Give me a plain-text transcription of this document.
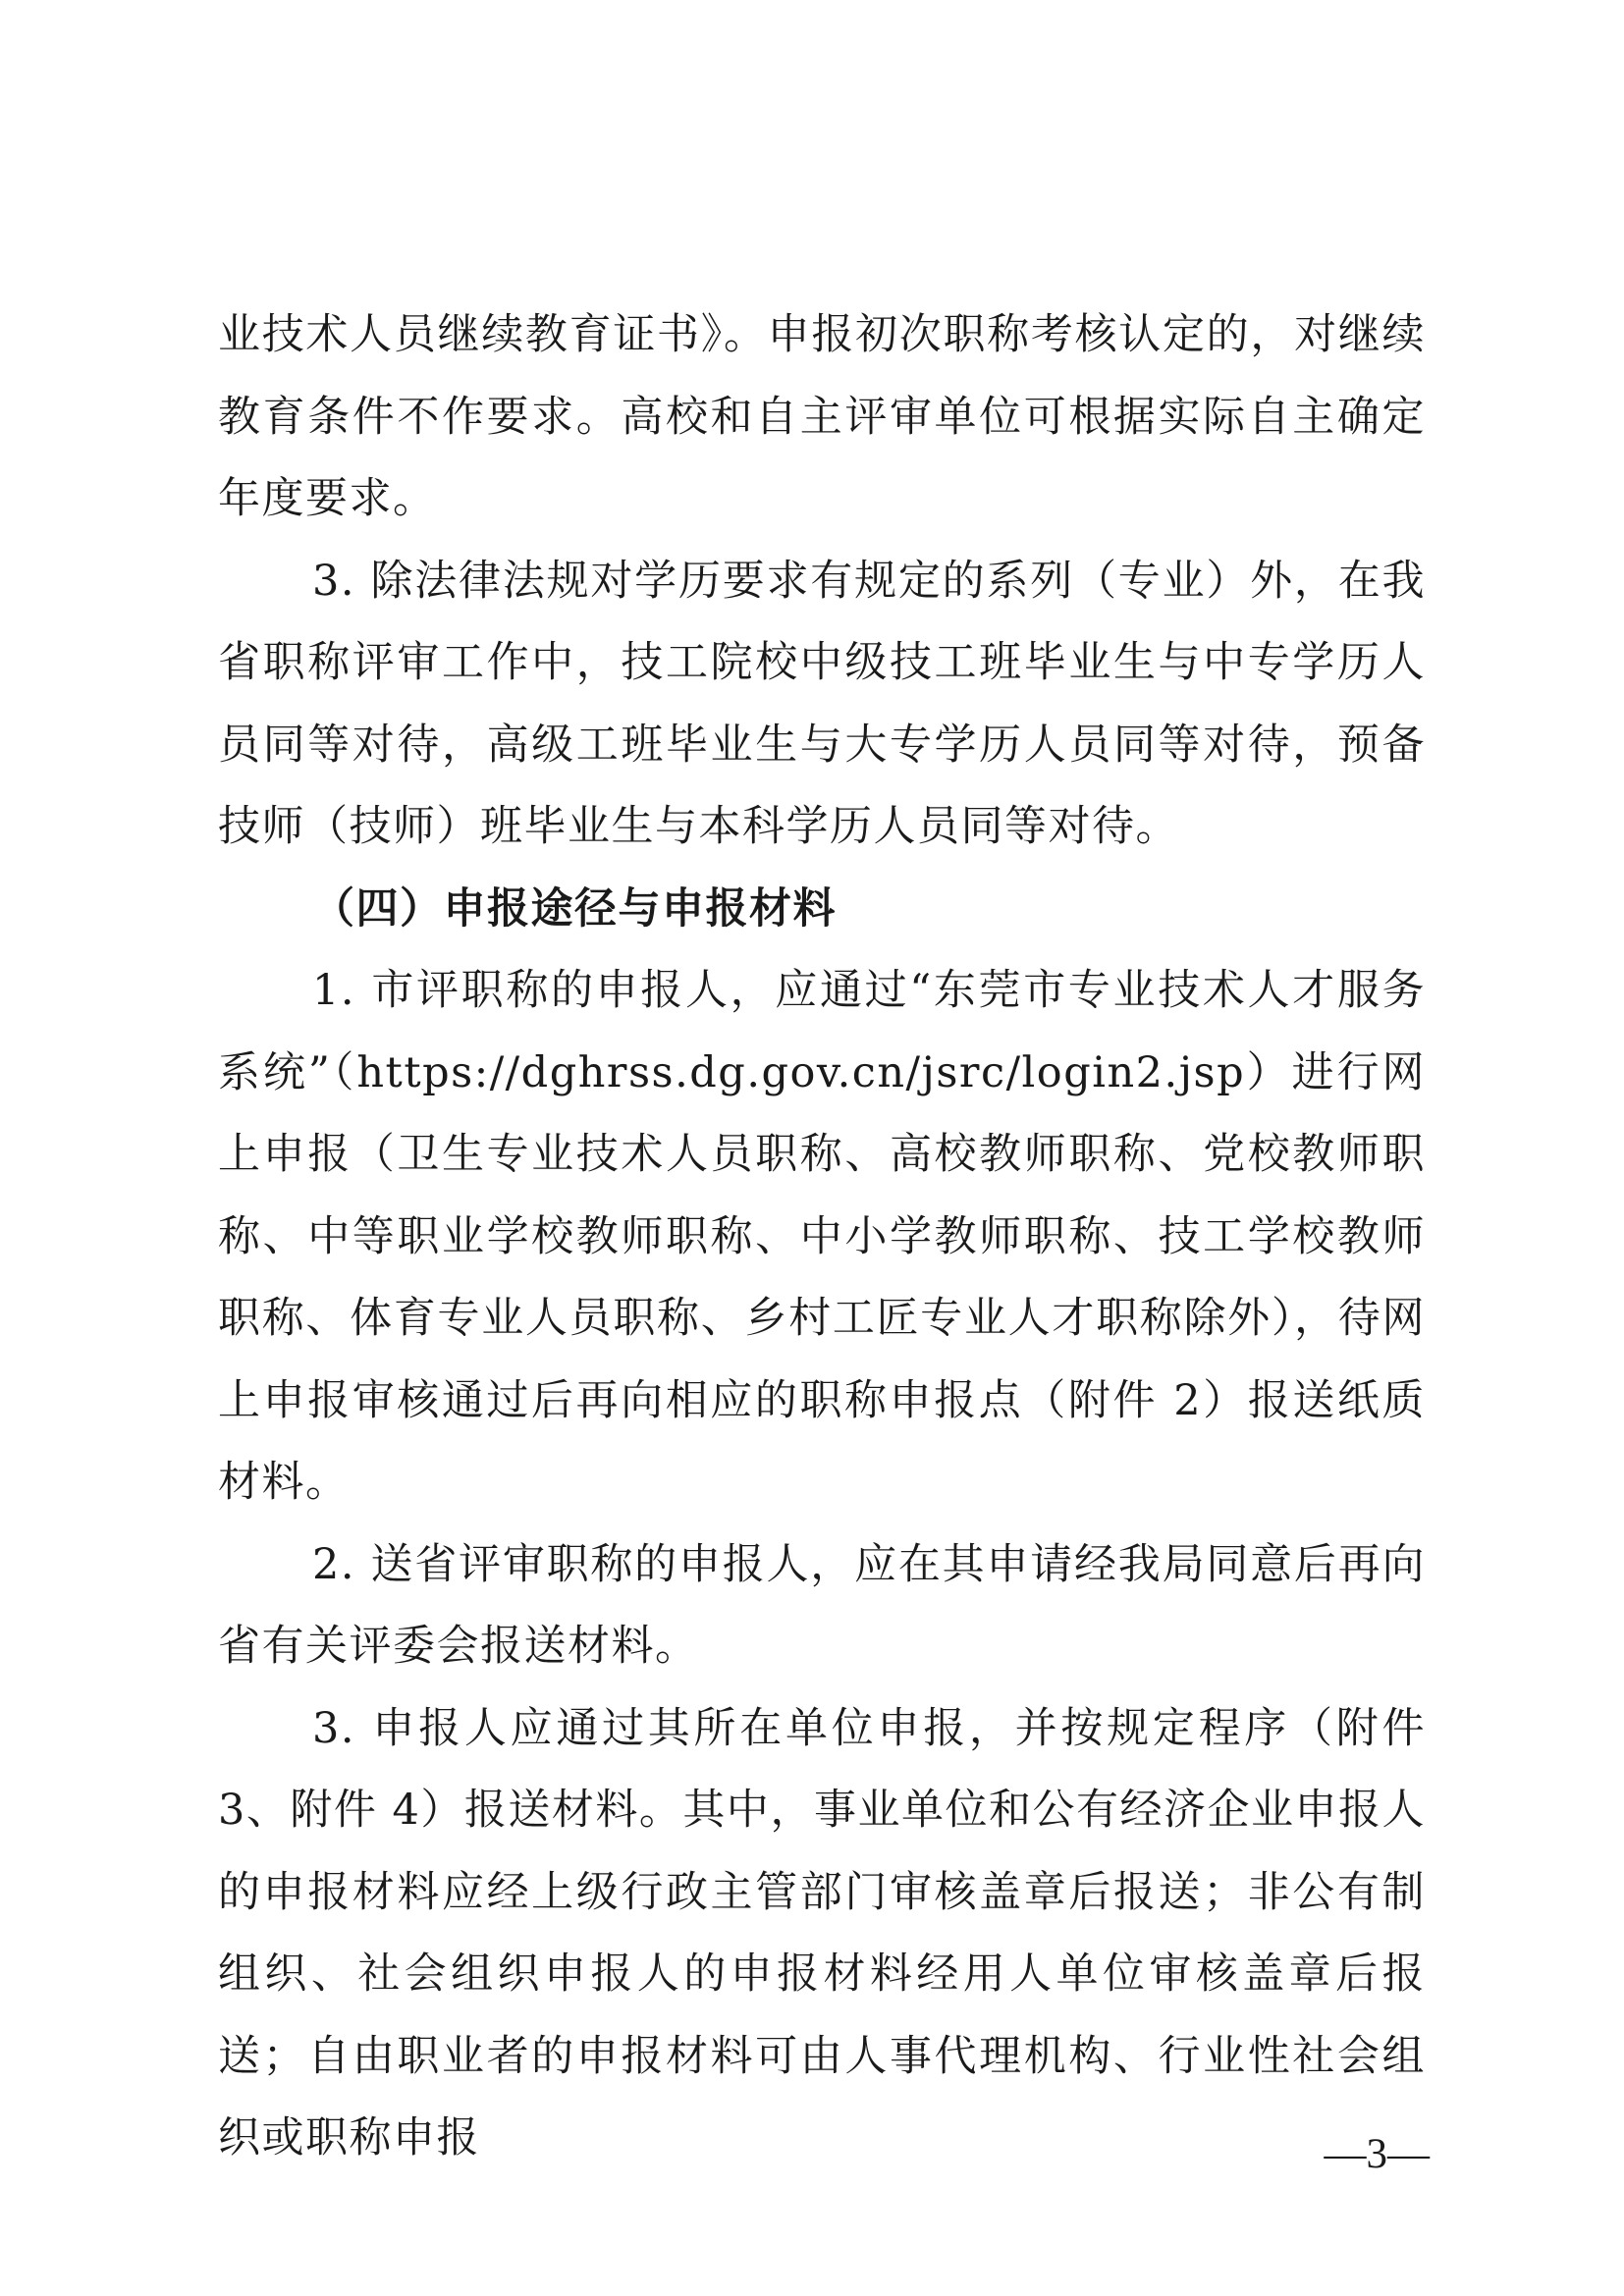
业技术人员继续教育证书》。申报初次职称考核认定的，对继续教育条件不作要求。高校和自主评审单位可根据实际自主确定年度要求。

3. 除法律法规对学历要求有规定的系列（专业）外，在我省职称评审工作中，技工院校中级技工班毕业生与中专学历人员同等对待，高级工班毕业生与大专学历人员同等对待，预备技师（技师）班毕业生与本科学历人员同等对待。

（四）申报途径与申报材料

1. 市评职称的申报人，应通过“东莞市专业技术人才服务系统”（https://dghrss.dg.gov.cn/jsrc/login2.jsp）进行网上申报（卫生专业技术人员职称、高校教师职称、党校教师职称、中等职业学校教师职称、中小学教师职称、技工学校教师职称、体育专业人员职称、乡村工匠专业人才职称除外），待网上申报审核通过后再向相应的职称申报点（附件 2）报送纸质材料。

2. 送省评审职称的申报人，应在其申请经我局同意后再向省有关评委会报送材料。

3. 申报人应通过其所在单位申报，并按规定程序（附件 3、附件 4）报送材料。其中，事业单位和公有经济企业申报人的申报材料应经上级行政主管部门审核盖章后报送；非公有制组织、社会组织申报人的申报材料经用人单位审核盖章后报送；自由职业者的申报材料可由人事代理机构、行业性社会组织或职称申报	—3—
